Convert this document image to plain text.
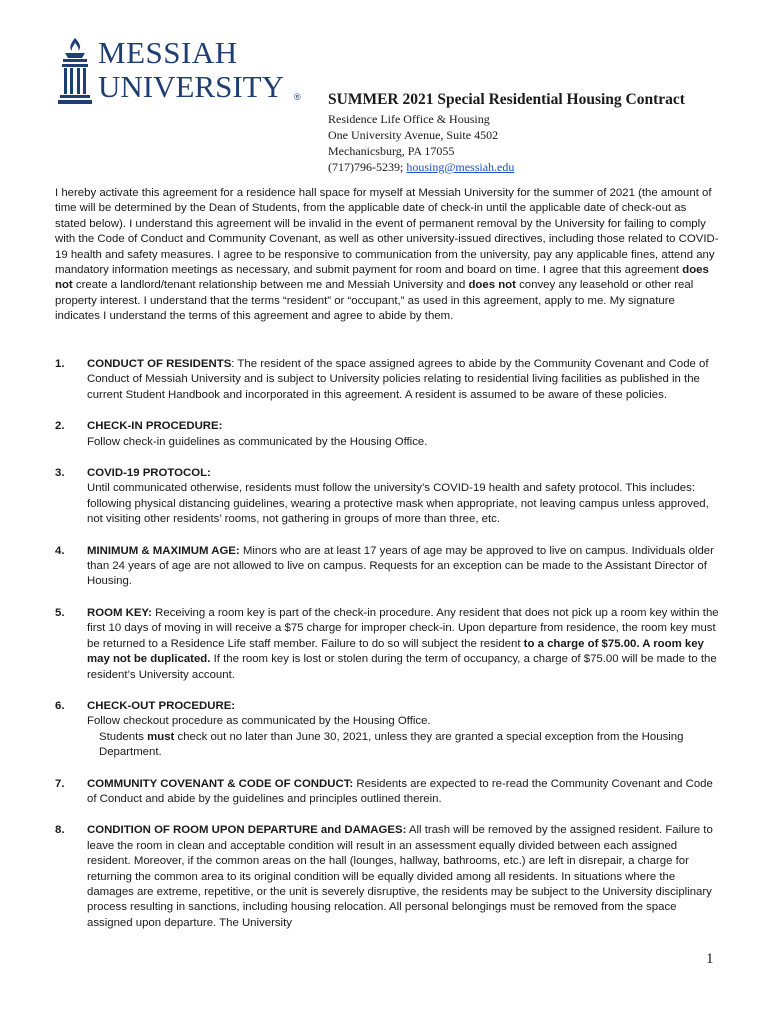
MESSIAH
UNIVERSITY ® SUMMER 2021 Special Residential Housing Contract

Residence Life Office & Housing

One University Avenue, Suite 4502

Mechanicsburg, PA 17055

(717)796-5239; housing@messiah.edu

I hereby activate this agreement for a residence hall space for myself at Messiah University for the summer of 2021 (the amount of time will be determined by the Dean of Students, from the applicable date of check-in until the applicable date of check-out as stated below). I understand this agreement will be invalid in the event of permanent removal by the University for failing to comply with the Code of Conduct and Community Covenant, as well as other university-issued directives, including those related to COVID-19 health and safety measures. I agree to be responsive to communication from the university, pay any applicable fines, attend any mandatory information meetings as necessary, and submit payment for room and board on time. I agree that this agreement does not create a landlord/tenant relationship between me and Messiah University and does not convey any leasehold or other real property interest. I understand that the terms “resident” or “occupant,” as used in this agreement, apply to me. My signature indicates I understand the terms of this agreement and agree to abide by them.

1.	CONDUCT OF RESIDENTS: The resident of the space assigned agrees to abide by the Community Covenant and Code of Conduct of Messiah University and is subject to University policies relating to residential living facilities as published in the current Student Handbook and incorporated in this agreement. A resident is assumed to be aware of these policies.
2.	CHECK-IN PROCEDURE:
Follow check-in guidelines as communicated by the Housing Office.
3.	COVID-19 PROTOCOL:
Until communicated otherwise, residents must follow the university’s COVID-19 health and safety protocol. This includes: following physical distancing guidelines, wearing a protective mask when appropriate, not leaving campus unless approved, not visiting other residents’ rooms, not gathering in groups of more than three, etc.
4.	MINIMUM & MAXIMUM AGE: Minors who are at least 17 years of age may be approved to live on campus. Individuals older than 24 years of age are not allowed to live on campus. Requests for an exception can be made to the Assistant Director of Housing.
5.	ROOM KEY: Receiving a room key is part of the check-in procedure. Any resident that does not pick up a room key within the first 10 days of moving in will receive a $75 charge for improper check-in. Upon departure from residence, the room key must be returned to a Residence Life staff member. Failure to do so will subject the resident to a charge of $75.00. A room key may not be duplicated. If the room key is lost or stolen during the term of occupancy, a charge of $75.00 will be made to the resident’s University account.
6.	CHECK-OUT PROCEDURE:
Follow checkout procedure as communicated by the Housing Office.
Students must check out no later than June 30, 2021, unless they are granted a special exception from the Housing Department.
7.	COMMUNITY COVENANT & CODE OF CONDUCT: Residents are expected to re-read the Community Covenant and Code of Conduct and abide by the guidelines and principles outlined therein.
8.	CONDITION OF ROOM UPON DEPARTURE and DAMAGES: All trash will be removed by the assigned resident. Failure to leave the room in clean and acceptable condition will result in an assessment equally divided between each assigned resident. Moreover, if the common areas on the hall (lounges, hallway, bathrooms, etc.) are left in disrepair, a charge for returning the common area to its original condition will be equally divided among all residents. In situations where the damages are extreme, repetitive, or the unit is severely disruptive, the residents may be subject to the University disciplinary process resulting in sanctions, including housing relocation. All personal belongings must be removed from the space assigned upon departure. The University
1
